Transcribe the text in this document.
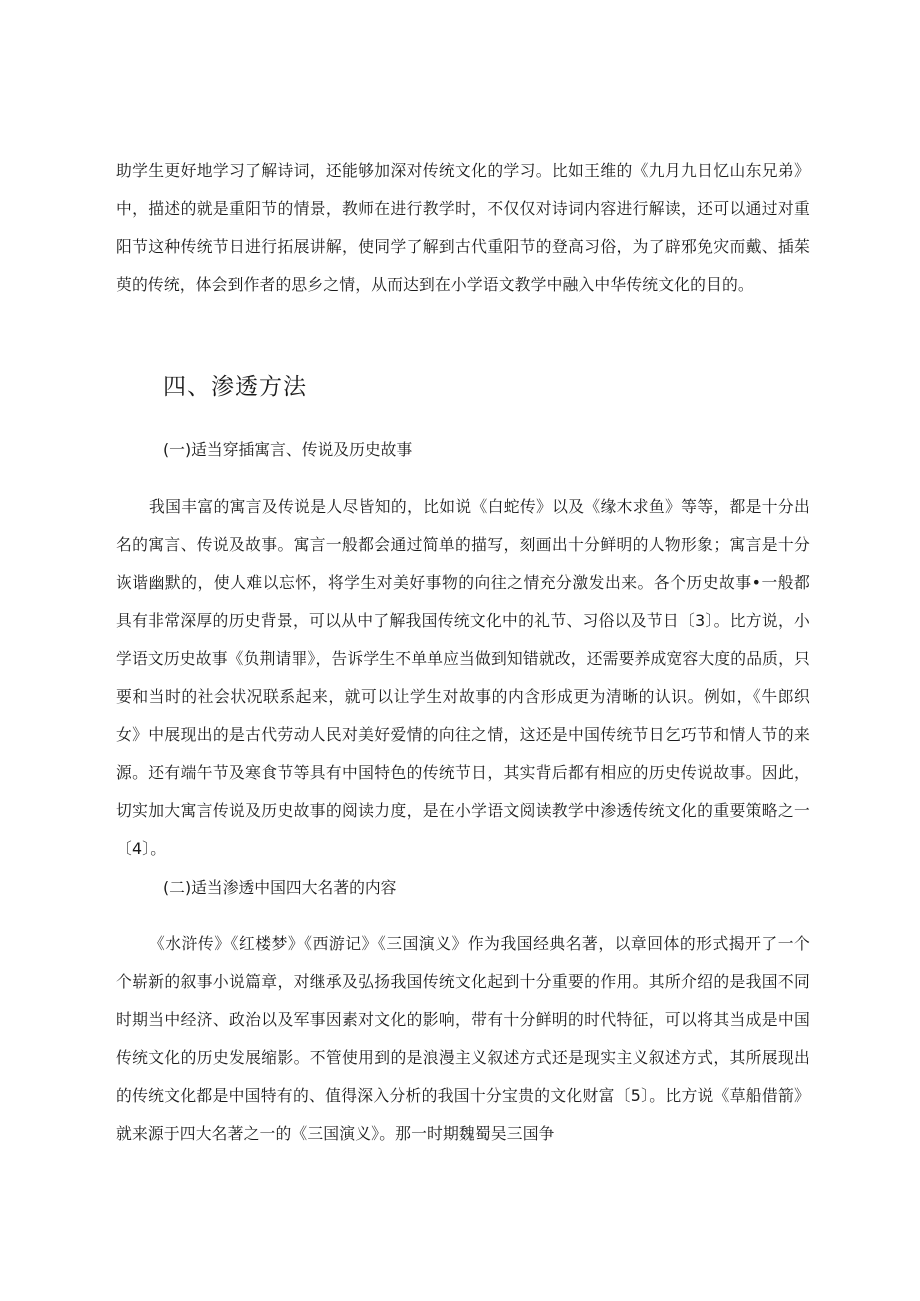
助学生更好地学习了解诗词，还能够加深对传统文化的学习。比如王维的《九月九日忆山东兄弟》中，描述的就是重阳节的情景，教师在进行教学时，不仅仅对诗词内容进行解读，还可以通过对重阳节这种传统节日进行拓展讲解，使同学了解到古代重阳节的登高习俗，为了辟邪免灾而戴、插茱萸的传统，体会到作者的思乡之情，从而达到在小学语文教学中融入中华传统文化的目的。

四、渗透方法
(一)适当穿插寓言、传说及历史故事

我国丰富的寓言及传说是人尽皆知的，比如说《白蛇传》以及《缘木求鱼》等等，都是十分出名的寓言、传说及故事。寓言一般都会通过简单的描写，刻画出十分鲜明的人物形象；寓言是十分诙谐幽默的，使人难以忘怀，将学生对美好事物的向往之情充分激发出来。各个历史故事•一般都具有非常深厚的历史背景，可以从中了解我国传统文化中的礼节、习俗以及节日〔3〕。比方说，小学语文历史故事《负荆请罪》，告诉学生不单单应当做到知错就改，还需要养成宽容大度的品质，只要和当时的社会状况联系起来，就可以让学生对故事的内含形成更为清晰的认识。例如，《牛郎织女》中展现出的是古代劳动人民对美好爱情的向往之情，这还是中国传统节日乞巧节和情人节的来源。还有端午节及寒食节等具有中国特色的传统节日，其实背后都有相应的历史传说故事。因此，切实加大寓言传说及历史故事的阅读力度，是在小学语文阅读教学中渗透传统文化的重要策略之一〔4〕。

(二)适当渗透中国四大名著的内容

《水浒传》《红楼梦》《西游记》《三国演义》作为我国经典名著，以章回体的形式揭开了一个个崭新的叙事小说篇章，对继承及弘扬我国传统文化起到十分重要的作用。其所介绍的是我国不同时期当中经济、政治以及军事因素对文化的影响，带有十分鲜明的时代特征，可以将其当成是中国传统文化的历史发展缩影。不管使用到的是浪漫主义叙述方式还是现实主义叙述方式，其所展现出的传统文化都是中国特有的、值得深入分析的我国十分宝贵的文化财富〔5〕。比方说《草船借箭》就来源于四大名著之一的《三国演义》。那一时期魏蜀吴三国争
